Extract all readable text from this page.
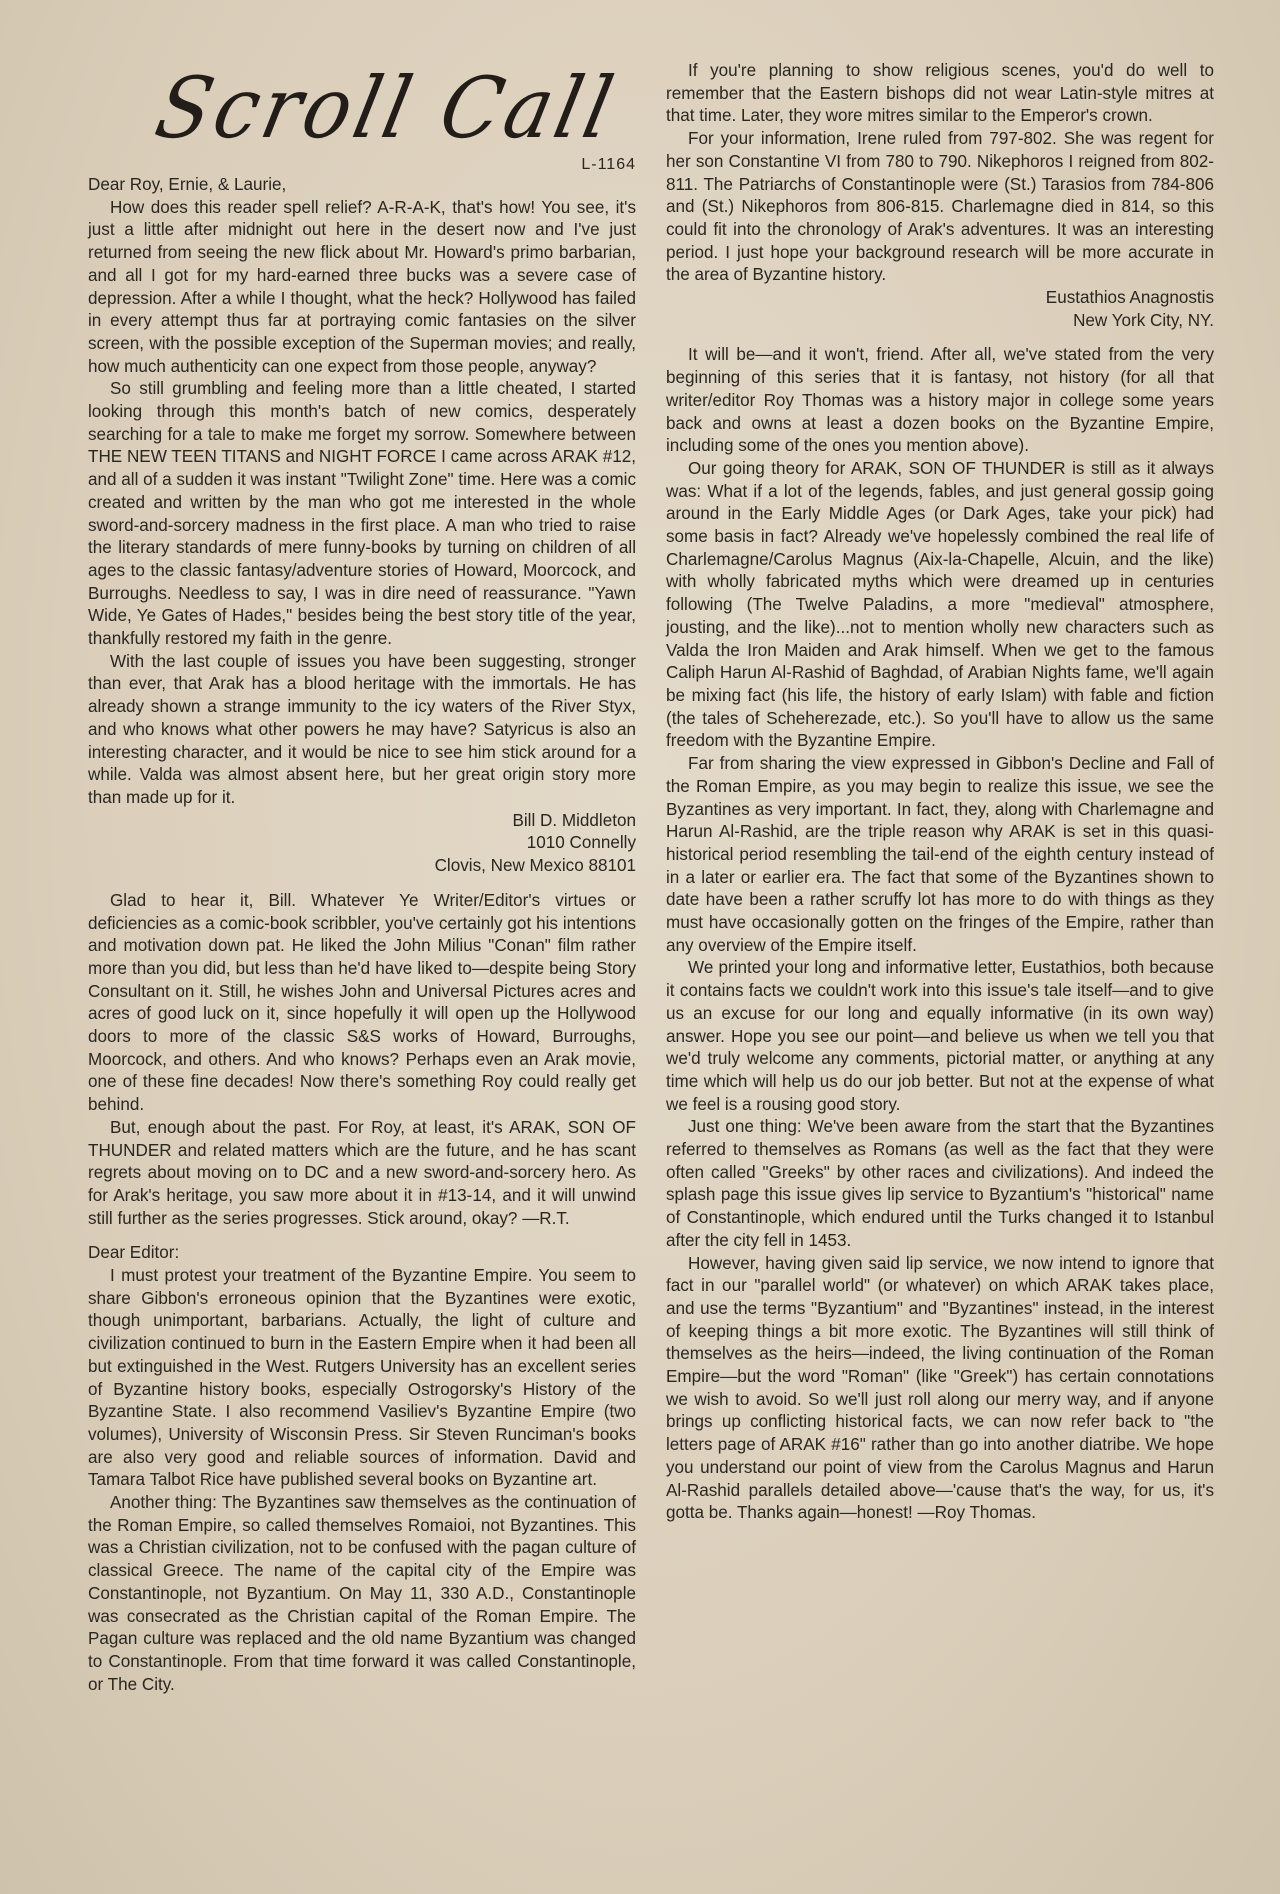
Scroll Call
L-1164

Dear Roy, Ernie, & Laurie,

How does this reader spell relief? A-R-A-K, that's how! You see, it's just a little after midnight out here in the desert now and I've just returned from seeing the new flick about Mr. Howard's primo barbarian, and all I got for my hard-earned three bucks was a severe case of depression. After a while I thought, what the heck? Hollywood has failed in every attempt thus far at portraying comic fantasies on the silver screen, with the possible exception of the Superman movies; and really, how much authenticity can one expect from those people, anyway?

So still grumbling and feeling more than a little cheated, I started looking through this month's batch of new comics, desperately searching for a tale to make me forget my sorrow. Somewhere between THE NEW TEEN TITANS and NIGHT FORCE I came across ARAK #12, and all of a sudden it was instant "Twilight Zone" time. Here was a comic created and written by the man who got me interested in the whole sword-and-sorcery madness in the first place. A man who tried to raise the literary standards of mere funny-books by turning on children of all ages to the classic fantasy/adventure stories of Howard, Moorcock, and Burroughs. Needless to say, I was in dire need of reassurance. "Yawn Wide, Ye Gates of Hades," besides being the best story title of the year, thankfully restored my faith in the genre.

With the last couple of issues you have been suggesting, stronger than ever, that Arak has a blood heritage with the immortals. He has already shown a strange immunity to the icy waters of the River Styx, and who knows what other powers he may have? Satyricus is also an interesting character, and it would be nice to see him stick around for a while. Valda was almost absent here, but her great origin story more than made up for it.

Bill D. Middleton

1010 Connelly

Clovis, New Mexico 88101

Glad to hear it, Bill. Whatever Ye Writer/Editor's virtues or deficiencies as a comic-book scribbler, you've certainly got his intentions and motivation down pat. He liked the John Milius "Conan" film rather more than you did, but less than he'd have liked to—despite being Story Consultant on it. Still, he wishes John and Universal Pictures acres and acres of good luck on it, since hopefully it will open up the Hollywood doors to more of the classic S&S works of Howard, Burroughs, Moorcock, and others. And who knows? Perhaps even an Arak movie, one of these fine decades! Now there's something Roy could really get behind.

But, enough about the past. For Roy, at least, it's ARAK, SON OF THUNDER and related matters which are the future, and he has scant regrets about moving on to DC and a new sword-and-sorcery hero. As for Arak's heritage, you saw more about it in #13-14, and it will unwind still further as the series progresses. Stick around, okay? —R.T.

Dear Editor:

I must protest your treatment of the Byzantine Empire. You seem to share Gibbon's erroneous opinion that the Byzantines were exotic, though unimportant, barbarians. Actually, the light of culture and civilization continued to burn in the Eastern Empire when it had been all but extinguished in the West. Rutgers University has an excellent series of Byzantine history books, especially Ostrogorsky's History of the Byzantine State. I also recommend Vasiliev's Byzantine Empire (two volumes), University of Wisconsin Press. Sir Steven Runciman's books are also very good and reliable sources of information. David and Tamara Talbot Rice have published several books on Byzantine art.

Another thing: The Byzantines saw themselves as the continuation of the Roman Empire, so called themselves Romaioi, not Byzantines. This was a Christian civilization, not to be confused with the pagan culture of classical Greece. The name of the capital city of the Empire was Constantinople, not Byzantium. On May 11, 330 A.D., Constantinople was consecrated as the Christian capital of the Roman Empire. The Pagan culture was replaced and the old name Byzantium was changed to Constantinople. From that time forward it was called Constantinople, or The City.

If you're planning to show religious scenes, you'd do well to remember that the Eastern bishops did not wear Latin-style mitres at that time. Later, they wore mitres similar to the Emperor's crown.

For your information, Irene ruled from 797-802. She was regent for her son Constantine VI from 780 to 790. Nikephoros I reigned from 802-811. The Patriarchs of Constantinople were (St.) Tarasios from 784-806 and (St.) Nikephoros from 806-815. Charlemagne died in 814, so this could fit into the chronology of Arak's adventures. It was an interesting period. I just hope your background research will be more accurate in the area of Byzantine history.

Eustathios Anagnostis

New York City, NY.

It will be—and it won't, friend. After all, we've stated from the very beginning of this series that it is fantasy, not history (for all that writer/editor Roy Thomas was a history major in college some years back and owns at least a dozen books on the Byzantine Empire, including some of the ones you mention above).

Our going theory for ARAK, SON OF THUNDER is still as it always was: What if a lot of the legends, fables, and just general gossip going around in the Early Middle Ages (or Dark Ages, take your pick) had some basis in fact? Already we've hopelessly combined the real life of Charlemagne/Carolus Magnus (Aix-la-Chapelle, Alcuin, and the like) with wholly fabricated myths which were dreamed up in centuries following (The Twelve Paladins, a more "medieval" atmosphere, jousting, and the like)...not to mention wholly new characters such as Valda the Iron Maiden and Arak himself. When we get to the famous Caliph Harun Al-Rashid of Baghdad, of Arabian Nights fame, we'll again be mixing fact (his life, the history of early Islam) with fable and fiction (the tales of Scheherezade, etc.). So you'll have to allow us the same freedom with the Byzantine Empire.

Far from sharing the view expressed in Gibbon's Decline and Fall of the Roman Empire, as you may begin to realize this issue, we see the Byzantines as very important. In fact, they, along with Charlemagne and Harun Al-Rashid, are the triple reason why ARAK is set in this quasi-historical period resembling the tail-end of the eighth century instead of in a later or earlier era. The fact that some of the Byzantines shown to date have been a rather scruffy lot has more to do with things as they must have occasionally gotten on the fringes of the Empire, rather than any overview of the Empire itself.

We printed your long and informative letter, Eustathios, both because it contains facts we couldn't work into this issue's tale itself—and to give us an excuse for our long and equally informative (in its own way) answer. Hope you see our point—and believe us when we tell you that we'd truly welcome any comments, pictorial matter, or anything at any time which will help us do our job better. But not at the expense of what we feel is a rousing good story.

Just one thing: We've been aware from the start that the Byzantines referred to themselves as Romans (as well as the fact that they were often called "Greeks" by other races and civilizations). And indeed the splash page this issue gives lip service to Byzantium's "historical" name of Constantinople, which endured until the Turks changed it to Istanbul after the city fell in 1453.

However, having given said lip service, we now intend to ignore that fact in our "parallel world" (or whatever) on which ARAK takes place, and use the terms "Byzantium" and "Byzantines" instead, in the interest of keeping things a bit more exotic. The Byzantines will still think of themselves as the heirs—indeed, the living continuation of the Roman Empire—but the word "Roman" (like "Greek") has certain connotations we wish to avoid. So we'll just roll along our merry way, and if anyone brings up conflicting historical facts, we can now refer back to "the letters page of ARAK #16" rather than go into another diatribe. We hope you understand our point of view from the Carolus Magnus and Harun Al-Rashid parallels detailed above—'cause that's the way, for us, it's gotta be. Thanks again—honest! —Roy Thomas.
